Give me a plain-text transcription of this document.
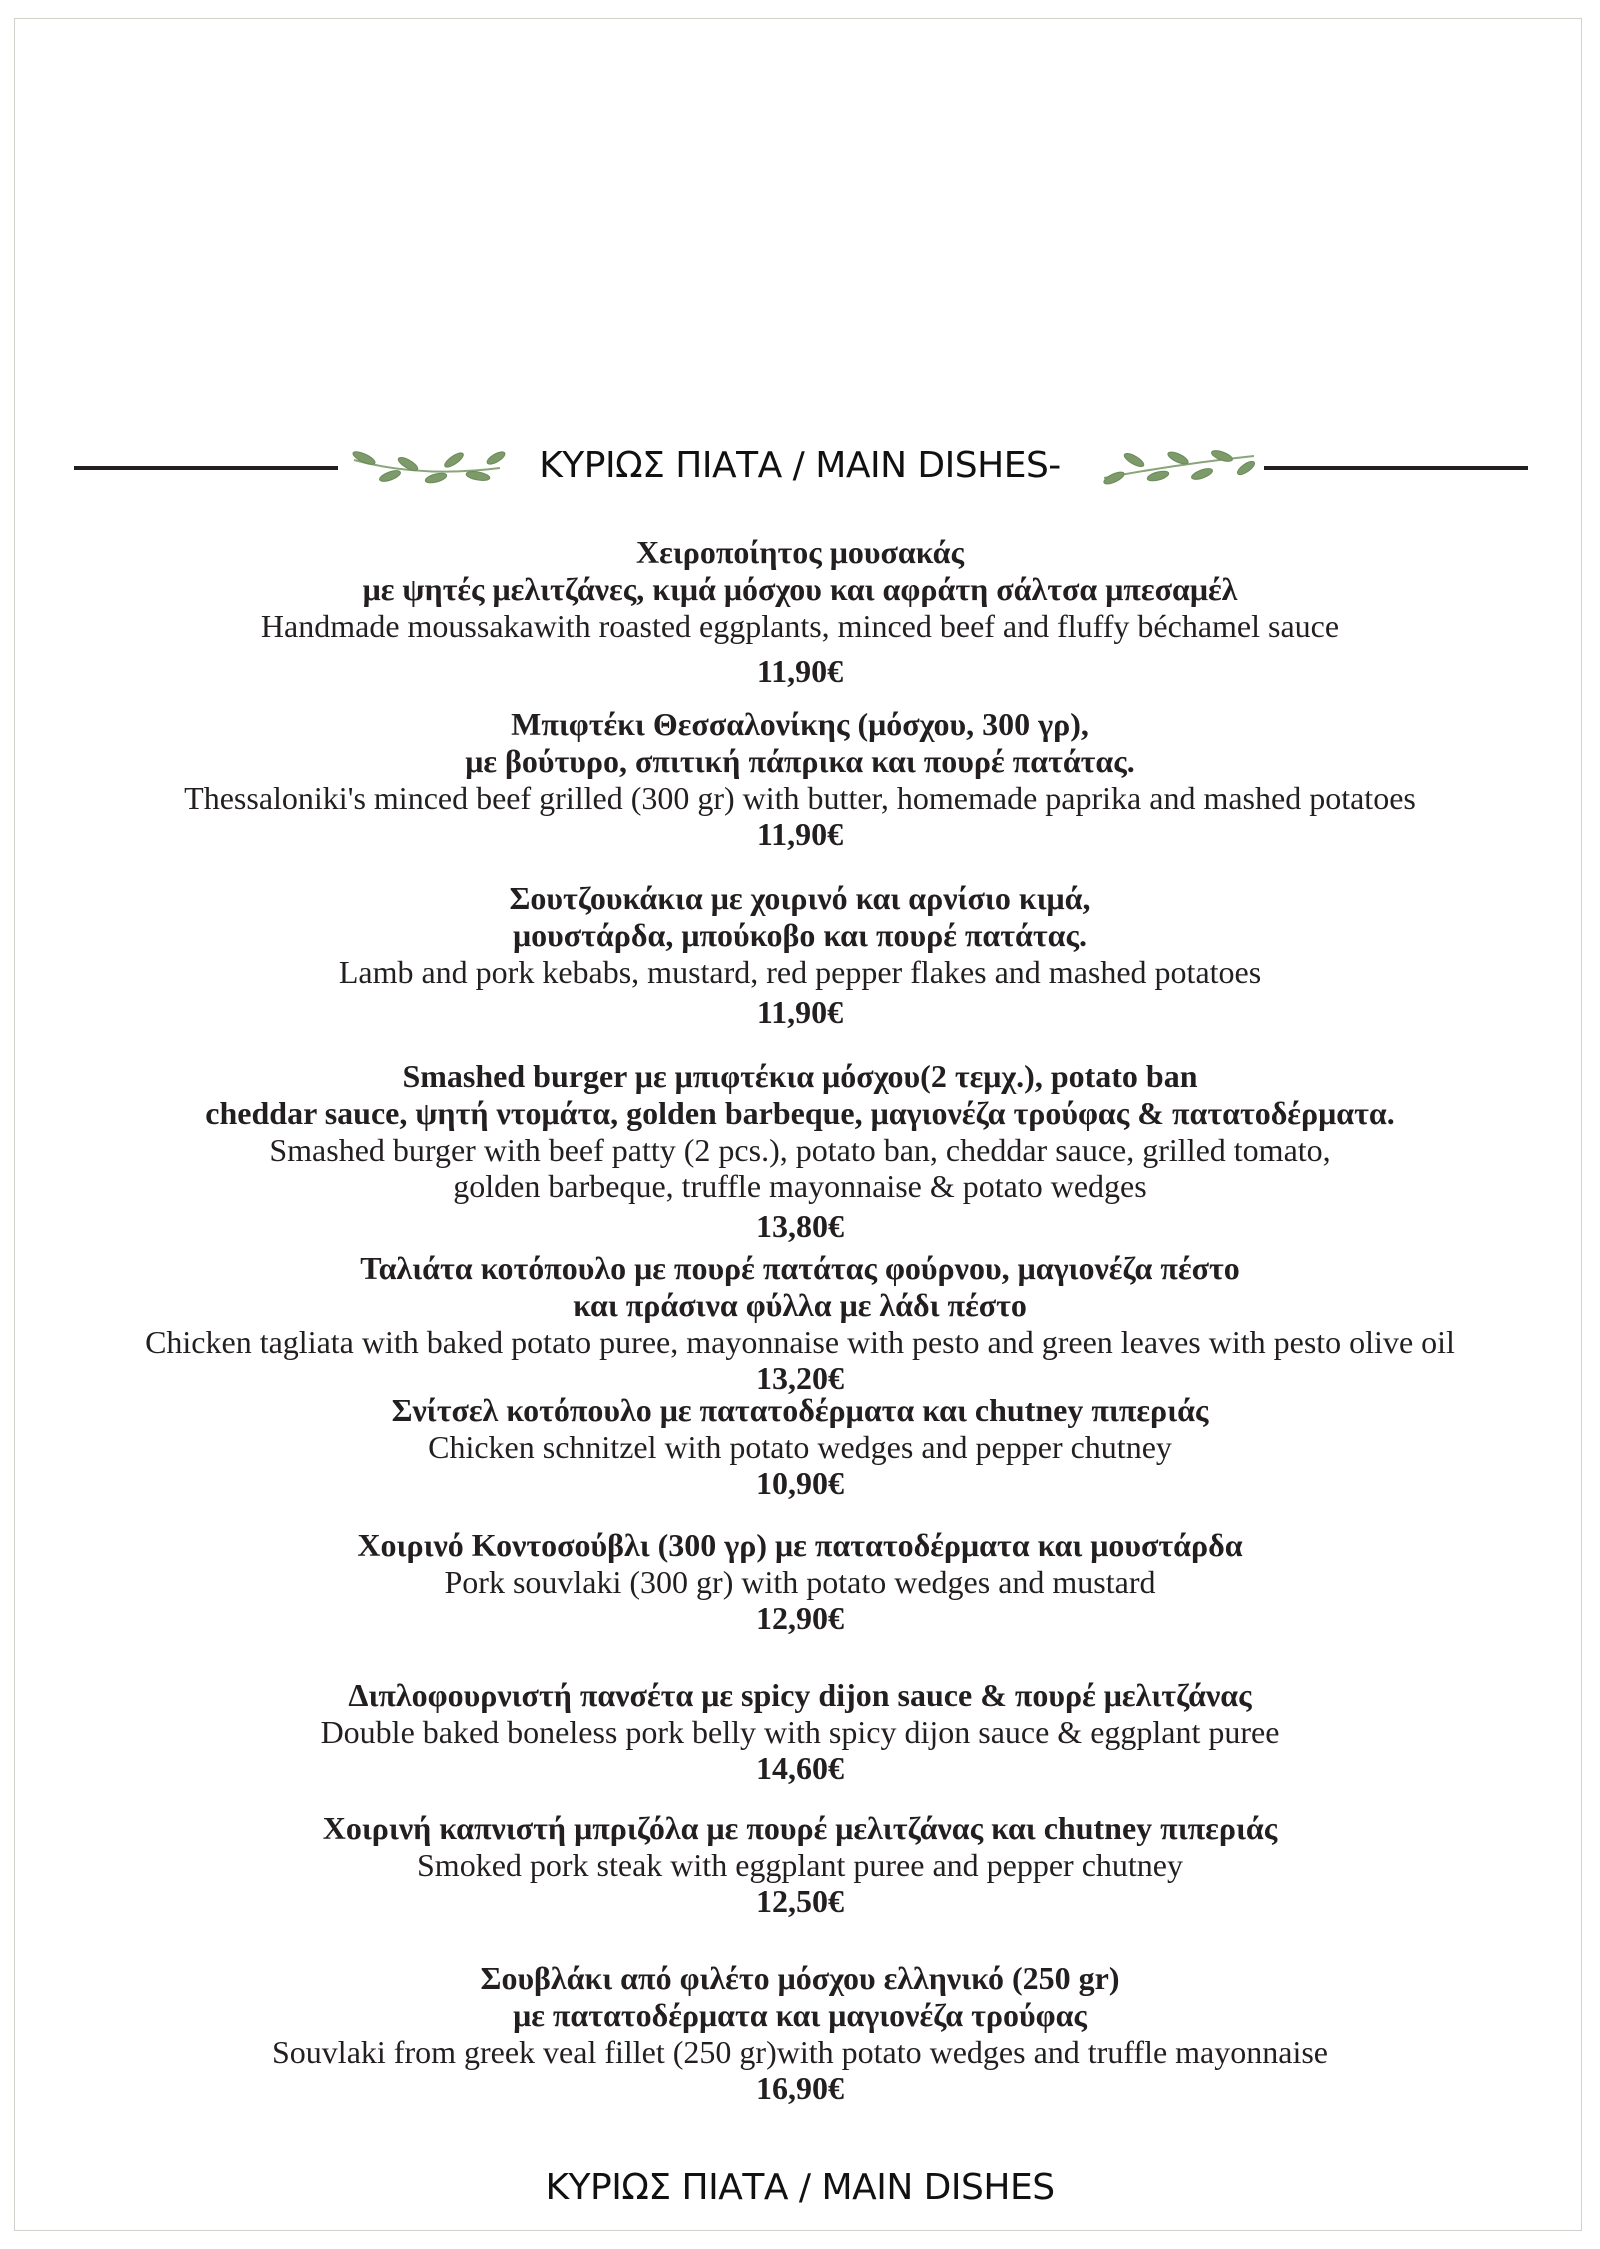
ΚΥΡΙΩΣ ΠΙΑΤΑ / MAIN DISHES-
Χειροποίητος μουσακάς
με ψητές μελιτζάνες, κιμά μόσχου και αφράτη σάλτσα μπεσαμέλ
Handmade moussakawith roasted eggplants, minced beef and fluffy béchamel sauce
11,90€
Μπιφτέκι Θεσσαλονίκης (μόσχου, 300 γρ),
με βούτυρο, σπιτική πάπρικα και πουρέ πατάτας.
Thessaloniki's minced beef grilled (300 gr) with butter, homemade paprika and mashed potatoes
11,90€
Σουτζουκάκια με χοιρινό και αρνίσιο κιμά,
μουστάρδα, μπούκοβο και πουρέ πατάτας.
Lamb and pork kebabs, mustard, red pepper flakes and mashed potatoes
11,90€
Smashed burger με μπιφτέκια μόσχου(2 τεμχ.), potato ban
cheddar sauce, ψητή ντομάτα, golden barbeque, μαγιονέζα τρούφας & πατατοδέρματα.
Smashed burger with beef patty (2 pcs.), potato ban, cheddar sauce, grilled tomato,
golden barbeque, truffle mayonnaise & potato wedges
13,80€
Ταλιάτα κοτόπουλο με πουρέ πατάτας φούρνου, μαγιονέζα πέστο
και πράσινα φύλλα με λάδι πέστο
Chicken tagliata with baked potato puree, mayonnaise with pesto and green leaves with pesto olive oil
13,20€
Σνίτσελ κοτόπουλο με πατατοδέρματα και chutney πιπεριάς
Chicken schnitzel with potato wedges and pepper chutney
10,90€
Χοιρινό Κοντοσούβλι (300 γρ) με πατατοδέρματα και μουστάρδα
Pork souvlaki (300 gr) with potato wedges and mustard
12,90€
Διπλοφουρνιστή πανσέτα με spicy dijon sauce & πουρέ μελιτζάνας
Double baked boneless pork belly with spicy dijon sauce & eggplant puree
14,60€
Χοιρινή καπνιστή μπριζόλα με πουρέ μελιτζάνας και chutney πιπεριάς
Smoked pork steak with eggplant puree and pepper chutney
12,50€
Σουβλάκι από φιλέτο μόσχου ελληνικό (250 gr)
με πατατοδέρματα και μαγιονέζα τρούφας
Souvlaki from greek veal fillet (250 gr)with potato wedges and truffle mayonnaise
16,90€
ΚΥΡΙΩΣ ΠΙΑΤΑ / MAIN DISHES
